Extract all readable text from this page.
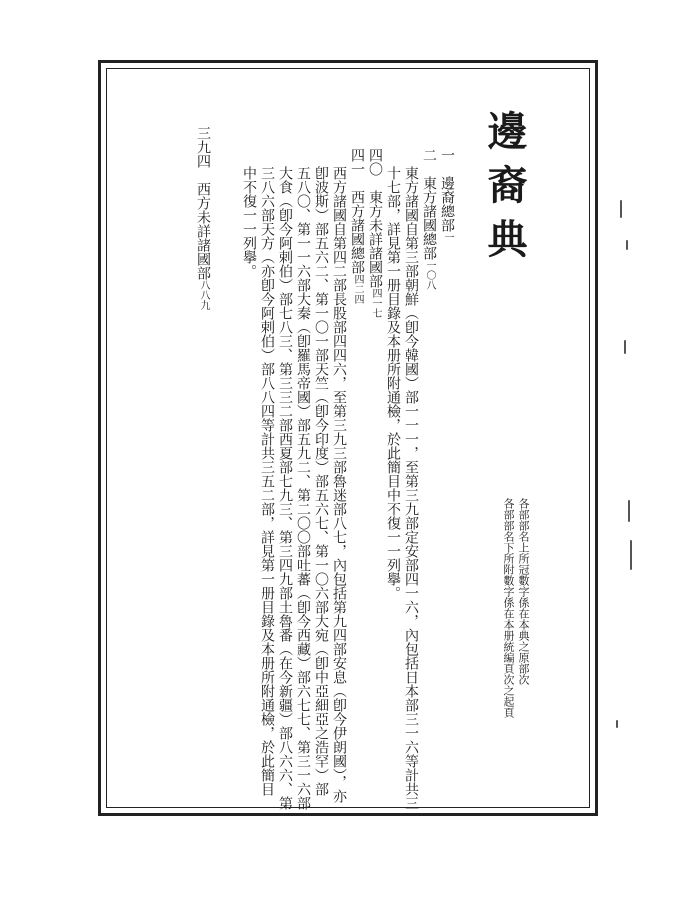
邊裔典
各部部名上所冠數字係在本典之原部次
各部部名下所附數字係在本册統編頁次之起頁
一　邊裔總部一
二　東方諸國總部一〇八
東方諸國自第三部朝鮮（卽今韓國）部一一一，至第三九部定安部四一六，內包括日本部三一六等計共三
十七部，詳見第一册目錄及本册所附通檢，於此簡目中不復一一列擧。
四〇　東方未詳諸國部四一七
四一　西方諸國總部四二四
西方諸國自第四二部長股部四四六，至第三九三部魯迷部八七，內包括第九四部安息（卽今伊朗國），亦
卽波斯）部五六二、第一〇一部天竺（卽今印度）部五六七、第一〇六部大宛（卽中亞細亞之浩罕）部
五八〇、第一一六部大秦（卽羅馬帝國）部五九二、第二〇〇部吐蕃（卽今西藏）部六七七、第三一六部
大食（卽今阿剌伯）部七八三、第三三二部西夏部七九三、第三四九部土魯番（在今新疆）部八六六、第
三八六部天方（亦卽今阿剌伯）部八八四等計共三五二部，詳見第一册目錄及本册所附通檢，於此簡目
中不復一一列擧。
三九四　西方未詳諸國部八八九
